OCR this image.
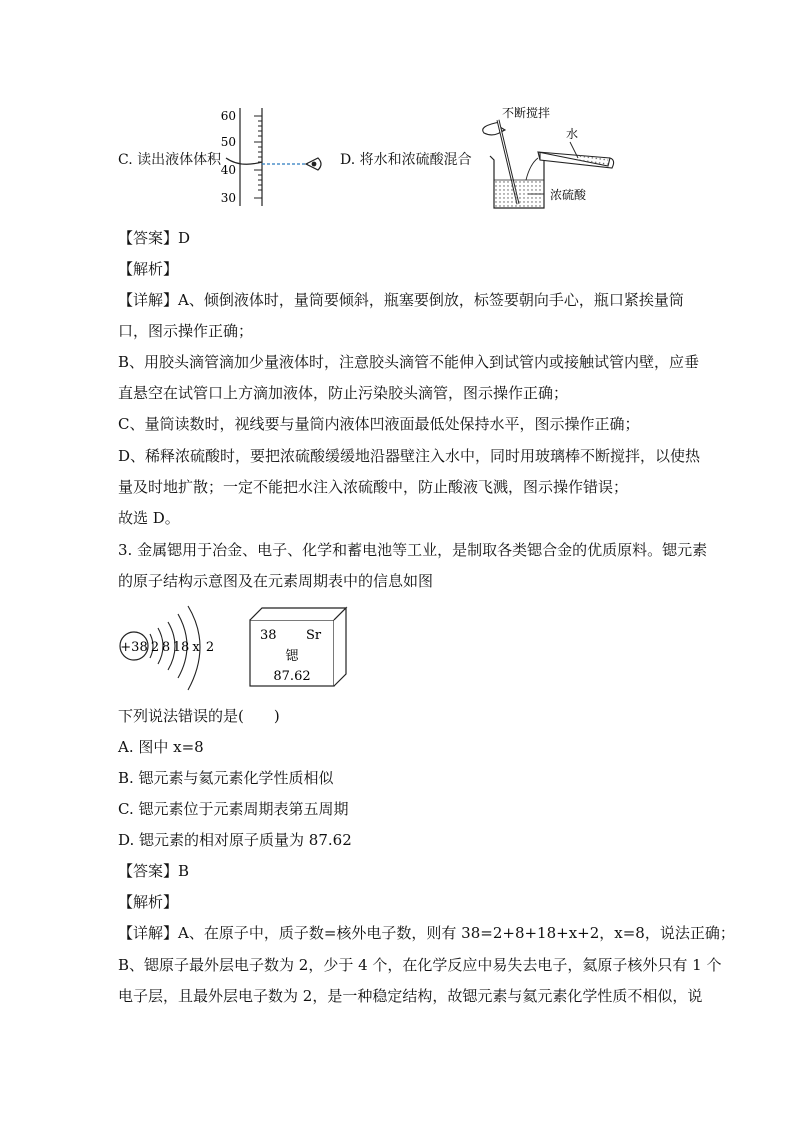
C. 读出液体体积
60
50
40
30
D. 将水和浓硫酸混合
不断搅拌
水
浓硫酸
【答案】D
【解析】
【详解】A、倾倒液体时，量筒要倾斜，瓶塞要倒放，标签要朝向手心，瓶口紧挨量筒
口，图示操作正确；
B、用胶头滴管滴加少量液体时，注意胶头滴管不能伸入到试管内或接触试管内壁，应垂
直悬空在试管口上方滴加液体，防止污染胶头滴管，图示操作正确；
C、量筒读数时，视线要与量筒内液体凹液面最低处保持水平，图示操作正确；
D、稀释浓硫酸时，要把浓硫酸缓缓地沿器壁注入水中，同时用玻璃棒不断搅拌，以使热
量及时地扩散；一定不能把水注入浓硫酸中，防止酸液飞溅，图示操作错误；
故选 D。
3. 金属锶用于冶金、电子、化学和蓄电池等工业，是制取各类锶合金的优质原料。锶元素
的原子结构示意图及在元素周期表中的信息如图
+38 2 8 18 x 2
38 Sr
锶
87.62
下列说法错误的是(　　)
A. 图中 x=8
B. 锶元素与氦元素化学性质相似
C. 锶元素位于元素周期表第五周期
D. 锶元素的相对原子质量为 87.62
【答案】B
【解析】
【详解】A、在原子中，质子数=核外电子数，则有 38=2+8+18+x+2，x=8，说法正确；
B、锶原子最外层电子数为 2，少于 4 个，在化学反应中易失去电子，氦原子核外只有 1 个
电子层，且最外层电子数为 2，是一种稳定结构，故锶元素与氦元素化学性质不相似，说
